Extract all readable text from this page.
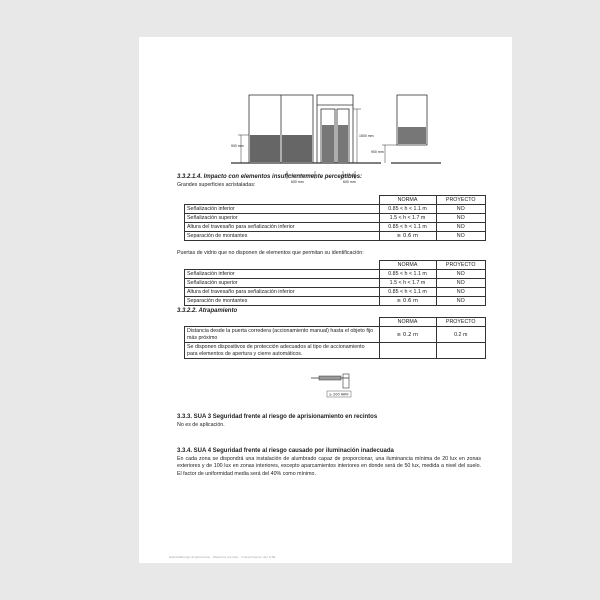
900 mm
1500 mm
600 mm	600 mm
900 mm
3.3.2.1.4. Impacto con elementos insuficientemente perceptibles:
Grandes superficies acristaladas:
	NORMA	PROYECTO
Señalización inferior	0.85 < h < 1.1 m	NO
Señalización superior	1.5 < h < 1.7 m	NO
Altura del travesaño para señalización inferior	0.85 < h < 1.1 m	NO
Separación de montantes	≥ 0.6 m	NO
Puertas de vidrio que no disponen de elementos que permitan su identificación:
	NORMA	PROYECTO
Señalización inferior	0.85 < h < 1.1 m	NO
Señalización superior	1.5 < h < 1.7 m	NO
Altura del travesaño para señalización inferior	0.85 < h < 1.1 m	NO
Separación de montantes	≥ 0.6 m	NO
3.3.2.2. Atrapamiento
	NORMA	PROYECTO
Distancia desde la puerta corredera (accionamiento manual) hasta el objeto fijo más próximo	≥ 0.2 m	0.2 m
Se disponen dispositivos de protección adecuados al tipo de accionamiento para elementos de apertura y cierre automáticos.		
≥ 200 mm
3.3.3. SUA 3 Seguridad frente al riesgo de aprisionamiento en recintos
No es de aplicación.
3.3.4. SUA 4 Seguridad frente al riesgo causado por iluminación inadecuada
En cada zona se dispondrá una instalación de alumbrado capaz de proporcionar, una iluminancia mínima de 20 lux en zonas exteriores y de 100 lux en zonas interiores, excepto aparcamientos interiores en donde será de 50 lux, medida a nivel del suelo. El factor de uniformidad media será del 40% como mínimo.
HabitatDesign Arquitectura · Memoria técnica · Cumplimiento del CTE
